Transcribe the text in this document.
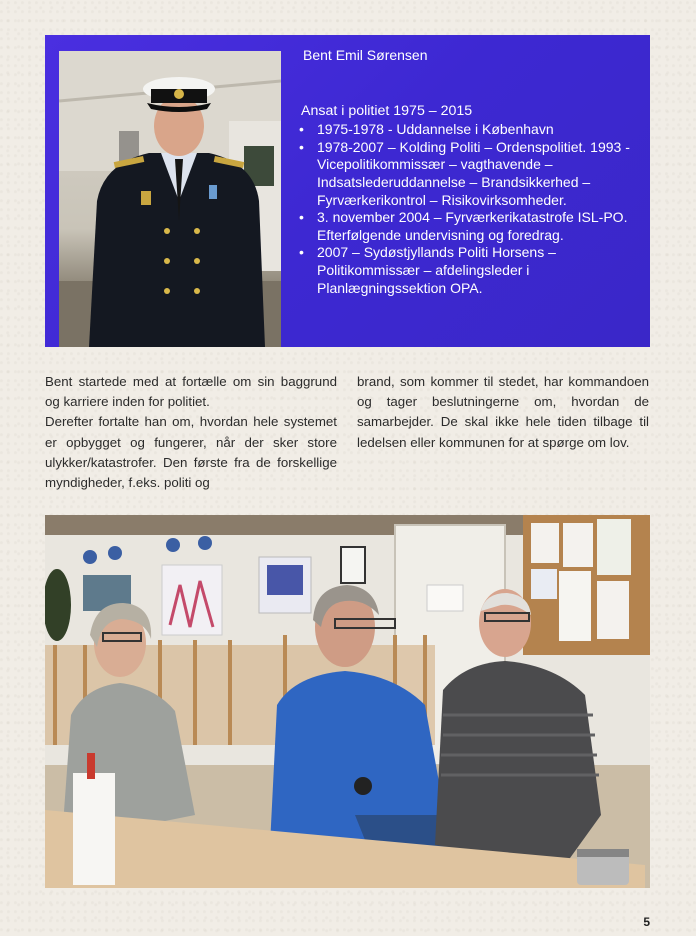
Bent Emil Sørensen
Ansat i politiet 1975 – 2015
• 1975-1978 - Uddannelse i København
• 1978-2007 – Kolding Politi – Ordenspolitiet. 1993 - Vicepolitikommissær – vagthavende – Indsatslederuddannelse – Brandsikkerhed – Fyrværkerikontrol – Risikovirksomheder.
• 3. november 2004 – Fyrværkerikatastrofe ISL-PO. Efterfølgende undervisning og foredrag.
• 2007 – Sydøstjyllands Politi Horsens – Politikommissær – afdelingsleder i Planlægningssektion OPA.

Bent startede med at fortælle om sin baggrund og karriere inden for politiet.

Derefter fortalte han om, hvordan hele systemet er opbygget og fungerer, når der sker store ulykker/katastrofer. Den første fra de forskellige myndigheder, f.eks. politi og

brand, som kommer til stedet, har kommandoen og tager beslutningerne om, hvordan de samarbejder. De skal ikke hele tiden tilbage til ledelsen eller kommunen for at spørge om lov.

5
